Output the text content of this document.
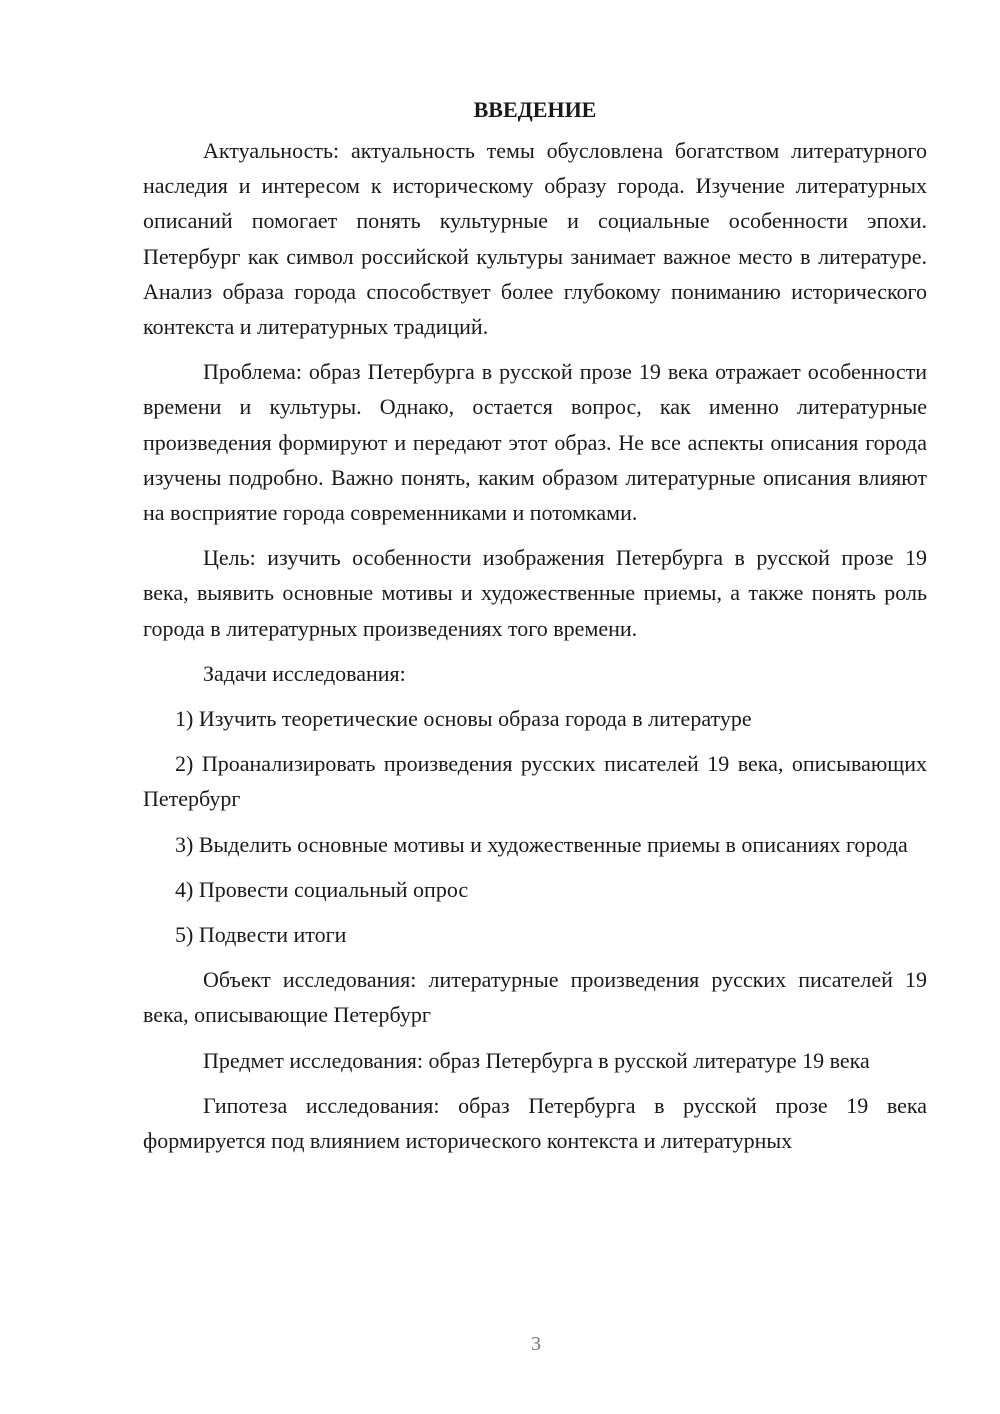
ВВЕДЕНИЕ

Актуальность: актуальность темы обусловлена богатством литературного наследия и интересом к историческому образу города. Изучение литературных описаний помогает понять культурные и социальные особенности эпохи. Петербург как символ российской культуры занимает важное место в литературе. Анализ образа города способствует более глубокому пониманию исторического контекста и литературных традиций.

Проблема: образ Петербурга в русской прозе 19 века отражает особенности времени и культуры. Однако, остается вопрос, как именно литературные произведения формируют и передают этот образ. Не все аспекты описания города изучены подробно. Важно понять, каким образом литературные описания влияют на восприятие города современниками и потомками.

Цель: изучить особенности изображения Петербурга в русской прозе 19 века, выявить основные мотивы и художественные приемы, а также понять роль города в литературных произведениях того времени.

Задачи исследования:

1) Изучить теоретические основы образа города в литературе

2) Проанализировать произведения русских писателей 19 века, описывающих Петербург

3) Выделить основные мотивы и художественные приемы в описаниях города

4) Провести социальный опрос

5) Подвести итоги

Объект исследования: литературные произведения русских писателей 19 века, описывающие Петербург

Предмет исследования: образ Петербурга в русской литературе 19 века

Гипотеза исследования: образ Петербурга в русской прозе 19 века формируется под влиянием исторического контекста и литературных

3
